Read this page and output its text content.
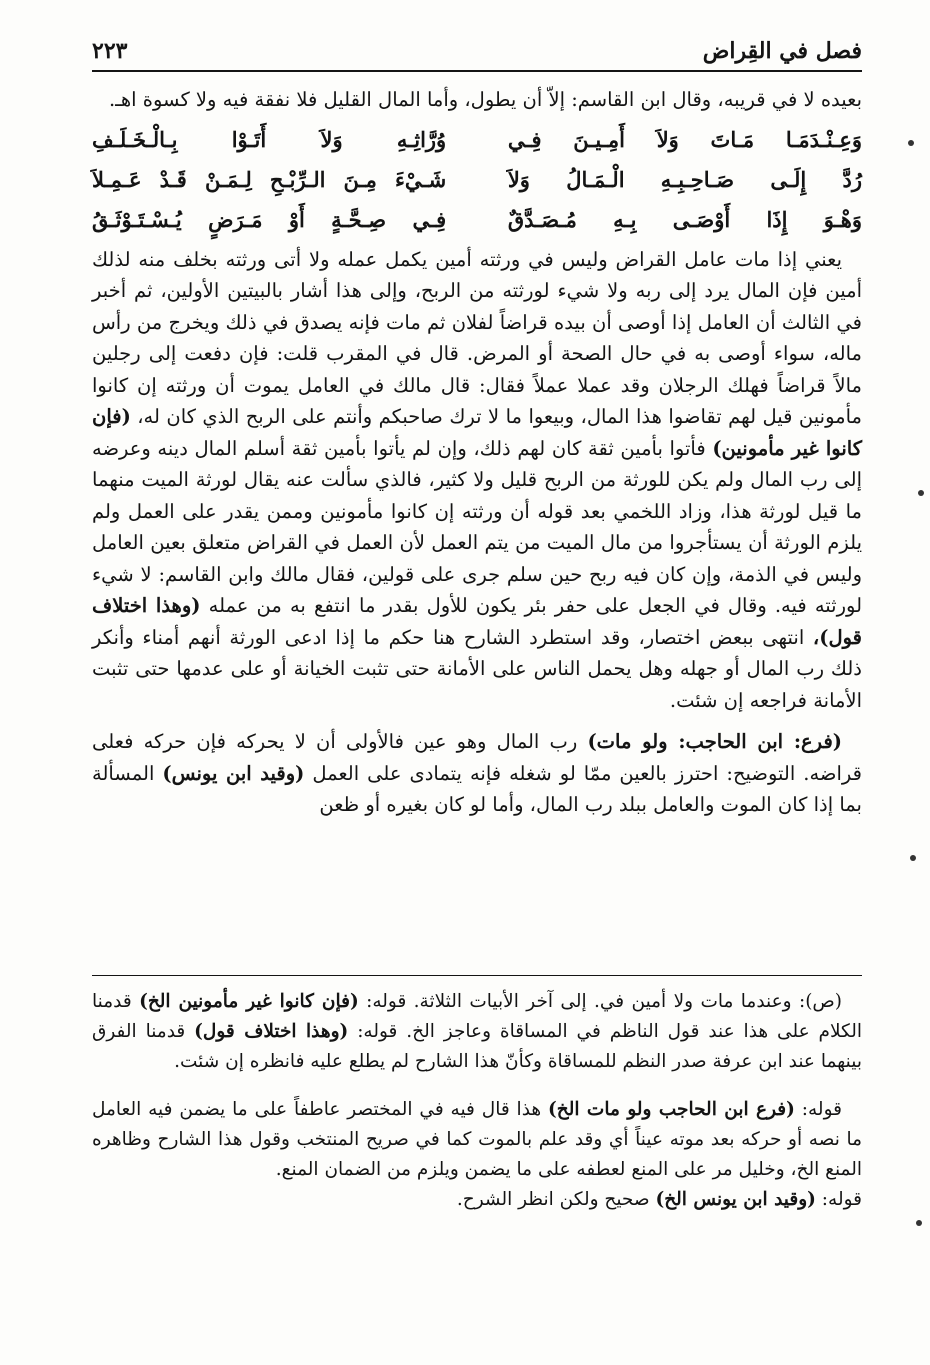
فصل في القِراض
٢٢٣

بعيده لا في قريبه، وقال ابن القاسم: إلاّ أن يطول، وأما المال القليل فلا نفقة فيه ولا كسوة اهـ.

وَعِـنْـدَمَـا مَـاتَ وَلاَ أَمِـيـنَ فِـي
وُرَّاثِـهِ وَلاَ أَتَـوْا بِـالْـخَـلَـفِ
رُدَّ إِلَـى صَـاحِـبِـهِ الْـمَـالُ وَلاَ
شَـيْءَ مِـنَ الـرِّبْـحِ لِـمَـنْ قَـدْ عَـمِـلاَ
وَهْـوَ إِذَا أَوْصَـى بِـهِ مُـصَـدَّقٌ
فِـي صِـحَّـةٍ أَوْ مَـرَضٍ يُـسْـتَـوْثَـقُ

يعني إذا مات عامل القراض وليس في ورثته أمين يكمل عمله ولا أتى ورثته بخلف منه لذلك أمين فإن المال يرد إلى ربه ولا شيء لورثته من الربح، وإلى هذا أشار بالبيتين الأولين، ثم أخبر في الثالث أن العامل إذا أوصى أن بيده قراضاً لفلان ثم مات فإنه يصدق في ذلك ويخرج من رأس ماله، سواء أوصى به في حال الصحة أو المرض. قال في المقرب قلت: فإن دفعت إلى رجلين مالاً قراضاً فهلك الرجلان وقد عملا عملاً فقال: قال مالك في العامل يموت أن ورثته إن كانوا مأمونين قيل لهم تقاضوا هذا المال، وبيعوا ما لا ترك صاحبكم وأنتم على الربح الذي كان له، (فإن كانوا غير مأمونين) فأتوا بأمين ثقة كان لهم ذلك، وإن لم يأتوا بأمين ثقة أسلم المال دينه وعرضه إلى رب المال ولم يكن للورثة من الربح قليل ولا كثير، فالذي سألت عنه يقال لورثة الميت منهما ما قيل لورثة هذا، وزاد اللخمي بعد قوله أن ورثته إن كانوا مأمونين وممن يقدر على العمل ولم يلزم الورثة أن يستأجروا من مال الميت من يتم العمل لأن العمل في القراض متعلق بعين العامل وليس في الذمة، وإن كان فيه ربح حين سلم جرى على قولين، فقال مالك وابن القاسم: لا شيء لورثته فيه. وقال في الجعل على حفر بئر يكون للأول بقدر ما انتفع به من عمله (وهذا اختلاف قول)، انتهى ببعض اختصار، وقد استطرد الشارح هنا حكم ما إذا ادعى الورثة أنهم أمناء وأنكر ذلك رب المال أو جهله وهل يحمل الناس على الأمانة حتى تثبت الخيانة أو على عدمها حتى تثبت الأمانة فراجعه إن شئت.

(فرع: ابن الحاجب: ولو مات) رب المال وهو عين فالأولى أن لا يحركه فإن حركه فعلى قراضه. التوضيح: احترز بالعين ممّا لو شغله فإنه يتمادى على العمل (وقيد ابن يونس) المسألة بما إذا كان الموت والعامل ببلد رب المال، وأما لو كان بغيره أو ظعن

(ص): وعندما مات ولا أمين في. إلى آخر الأبيات الثلاثة. قوله: (فإن كانوا غير مأمونين الخ) قدمنا الكلام على هذا عند قول الناظم في المساقاة وعاجز الخ. قوله: (وهذا اختلاف قول) قدمنا الفرق بينهما عند ابن عرفة صدر النظم للمساقاة وكأنّ هذا الشارح لم يطلع عليه فانظره إن شئت.

قوله: (فرع ابن الحاجب ولو مات الخ) هذا قال فيه في المختصر عاطفاً على ما يضمن فيه العامل ما نصه أو حركه بعد موته عيناً أي وقد علم بالموت كما في صريح المنتخب وقول هذا الشارح وظاهره المنع الخ، وخليل مر على المنع لعطفه على ما يضمن ويلزم من الضمان المنع.

قوله: (وقيد ابن يونس الخ) صحيح ولكن انظر الشرح.
